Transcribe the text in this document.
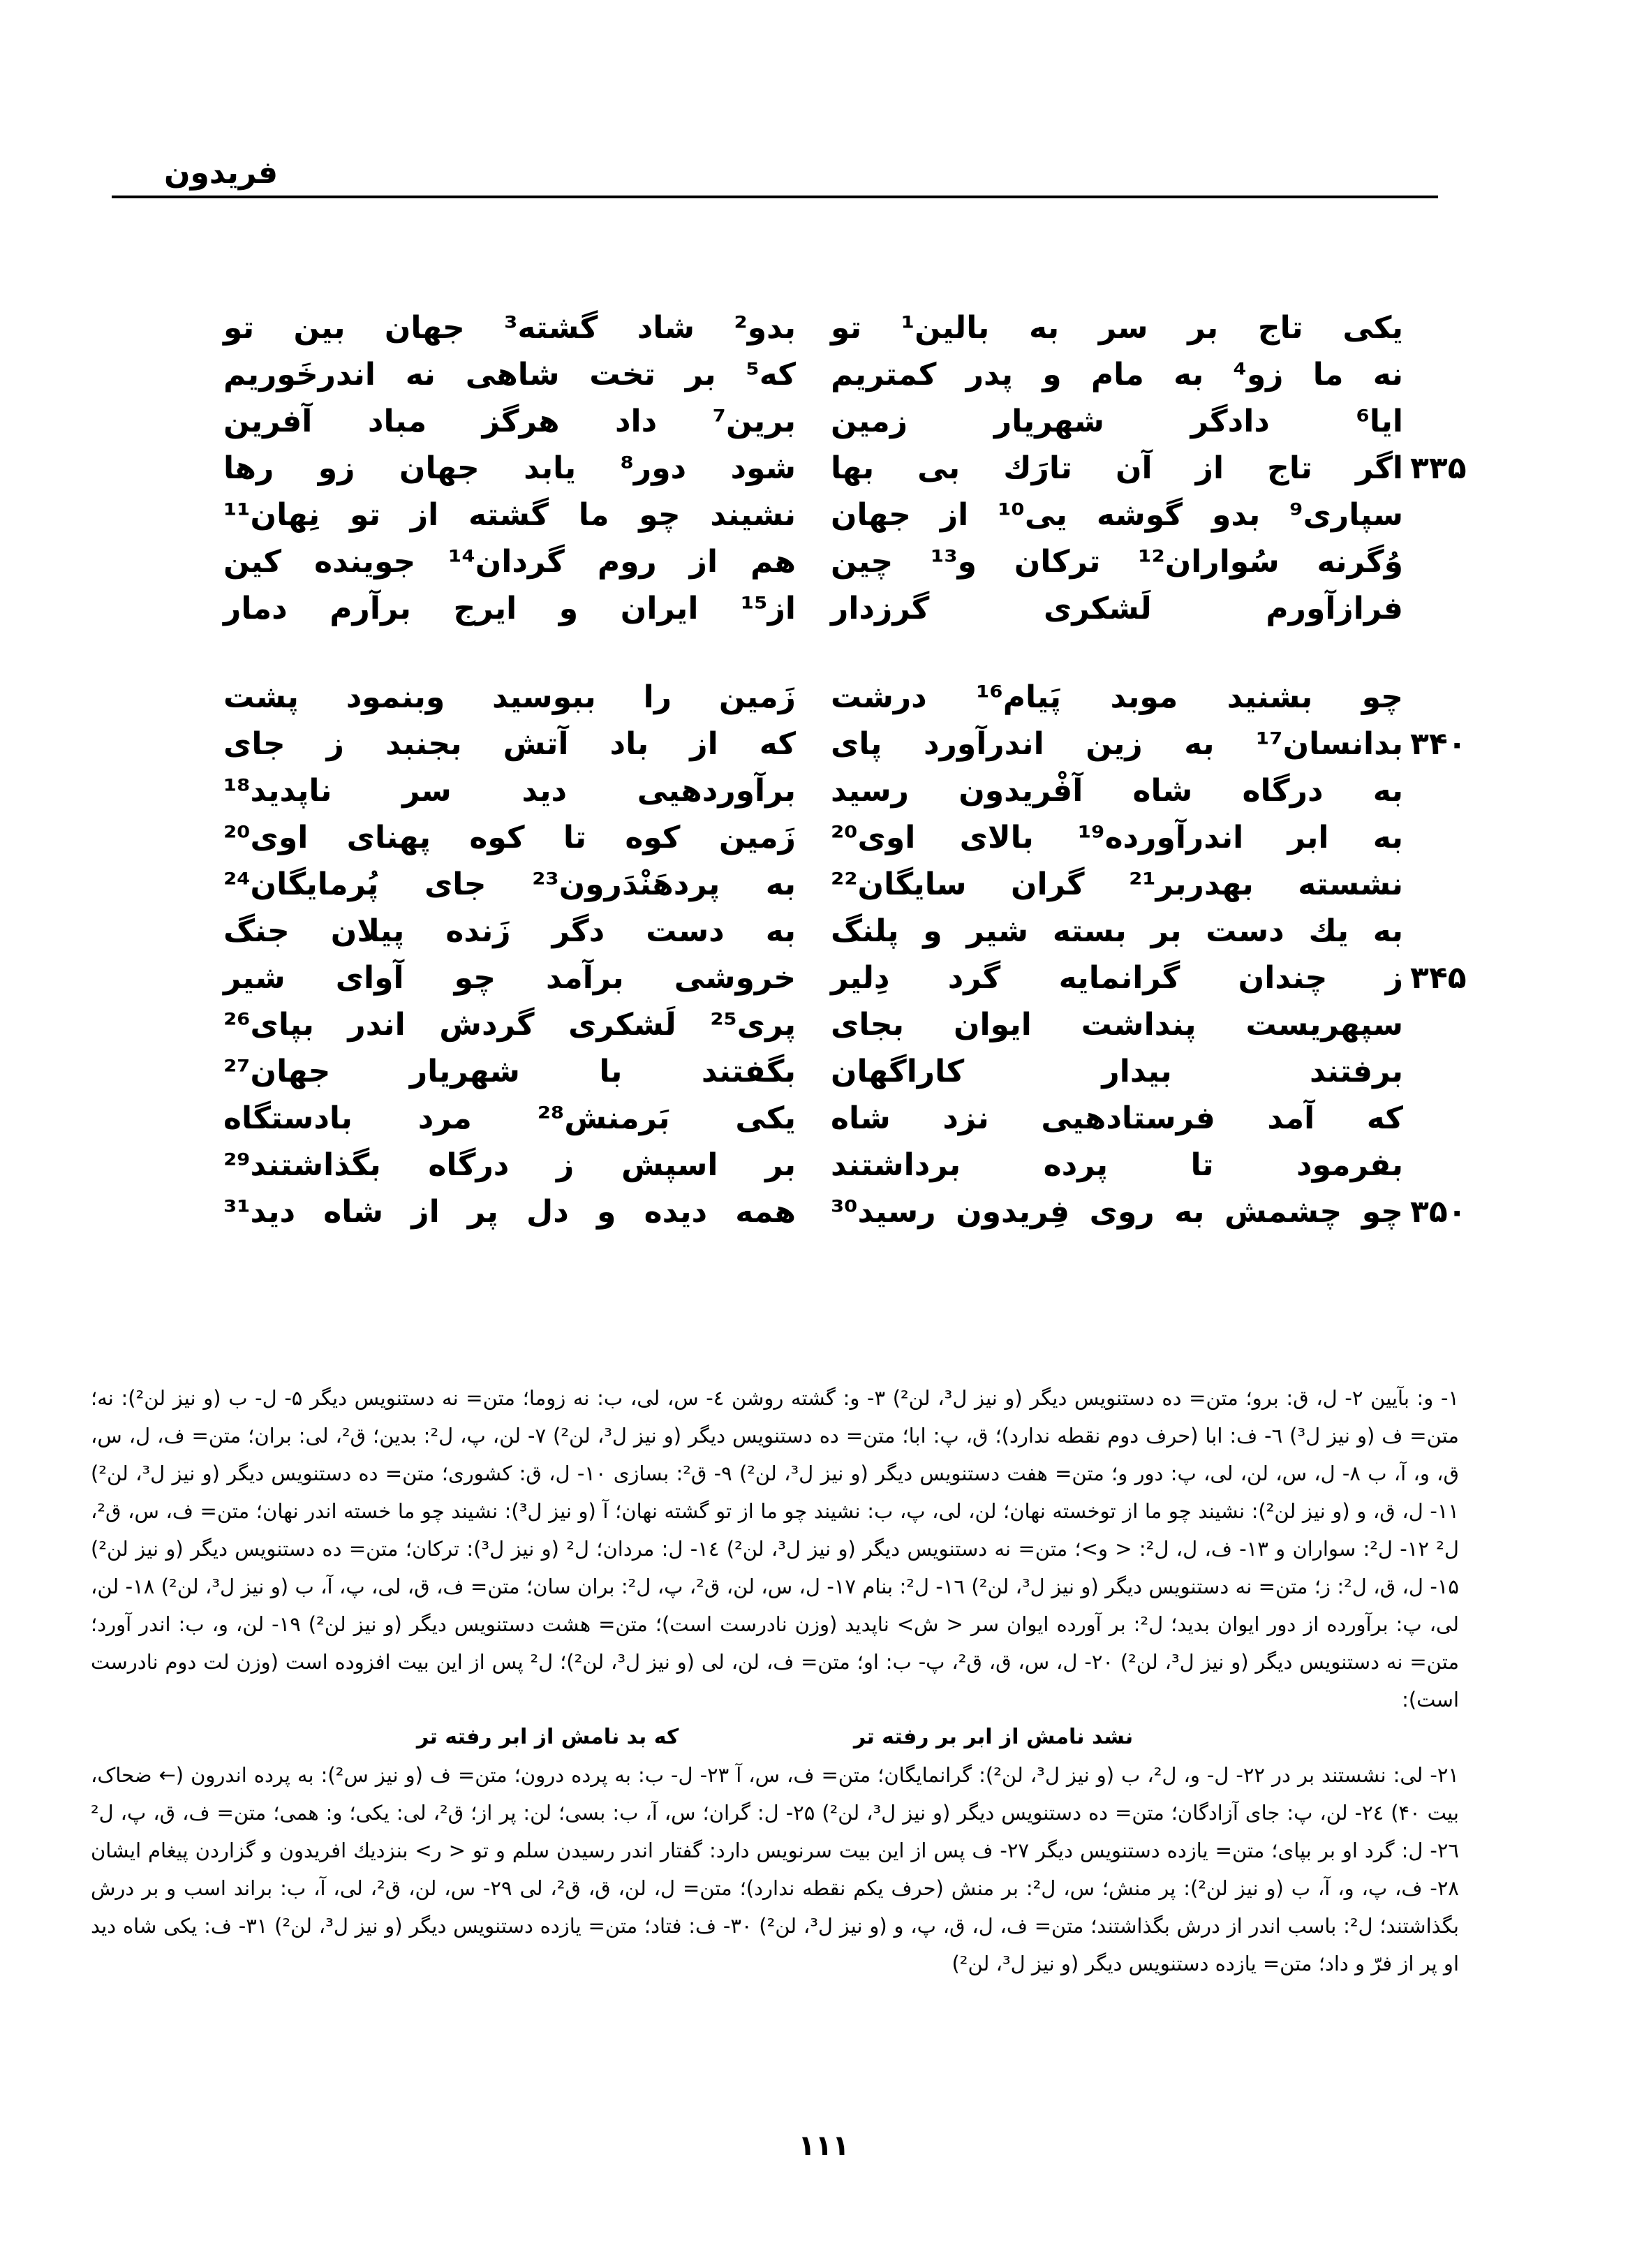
فریدون
یکی تاج بر سر به بالین¹ تو
بدو² شاد گشته³ جهان بین تو
نه ما زو⁴ به مام و پدر کمتریم
که⁵ بر تخت شاهی نه اندرخَوریم
ایا⁶ دادگر شهریار زمین
برین⁷ داد هرگز مباد آفرین
۳۳۵
اگر تاج از آن تارَك بی بها
شود دور⁸ یابد جهان زو رها
سپاری⁹ بدو گوشه یی¹⁰ از جهان
نشیند چو ما گشته از تو نِهان¹¹
وُگرنه سُواران¹² ترکان و¹³ چین
هم از روم گردان¹⁴ جوینده کین
فرازآورم لَشکری گرزدار
از¹⁵ ایران و ایرج برآرم دمار
چو بشنید موبد پَیام¹⁶ درشت
زَمین را ببوسید وبنمود پشت
۳۴۰
بدانسان¹⁷ به زین اندرآورد پای
که از باد آتش بجنبد ز جای
به درگاه شاه آفْریدون رسید
برآوردهیی دید سر ناپدید¹⁸
به ابر اندرآورده¹⁹ بالای اوی²⁰
زَمین کوه تا کوه پهنای اوی²⁰
نشسته بهدربر²¹ گران سایگان²²
به پردهَنْدَرون²³ جای پُرمایگان²⁴
به یك دست بر بسته شیر و پلنگ
به دست دگر زَنده پیلان جنگ
۳۴۵
ز چندان گرانمایه گرد دِلیر
خروشی برآمد چو آوای شیر
سپهریست پنداشت ایوان بجای
پری²⁵ لَشکری گردش اندر بپای²⁶
برفتند بیدار کاراگهان
بگفتند با شهریار جهان²⁷
که آمد فرستادهیی نزد شاه
یکی بَرمنش²⁸ مرد بادستگاه
بفرمود تا پرده برداشتند
بر اسپش ز درگاه بگذاشتند²⁹
۳۵۰
چو چشمش به روی فِریدون رسید³⁰
همه دیده و دل پر از شاه دید³¹

۱- و: بآیین ۲- ل، ق: برو؛ متن= ده دستنویس دیگر (و نیز ل³، لن²) ۳- و: گشته روشن ٤- س، لی، ب: نه زوما؛ متن= نه دستنویس دیگر ۵- ل- ب (و نیز لن²): نه؛ متن= ف (و نیز ل³) ٦- ف: ابا (حرف دوم نقطه ندارد)؛ ق، پ: ابا؛ متن= ده دستنویس دیگر (و نیز ل³، لن²) ۷- لن، پ، ل²: بدین؛ ق²، لی: بران؛ متن= ف، ل، س، ق، و، آ، ب ۸- ل، س، لن، لی، پ: دور و؛ متن= هفت دستنویس دیگر (و نیز ل³، لن²) ۹- ق²: بسازی ۱۰- ل، ق: کشوری؛ متن= ده دستنویس دیگر (و نیز ل³، لن²) ۱۱- ل، ق، و (و نیز لن²): نشیند چو ما از توخسته نهان؛ لن، لی، پ، ب: نشیند چو ما از تو گشته نهان؛ آ (و نیز ل³): نشیند چو ما خسته اندر نهان؛ متن= ف، س، ق²، ل² ۱۲- ل²: سواران و ۱۳- ف، ل، ل²: < و>؛ متن= نه دستنویس دیگر (و نیز ل³، لن²) ١٤- ل: مردان؛ ل² (و نیز ل³): ترکان؛ متن= ده دستنویس دیگر (و نیز لن²) ۱۵- ل، ق، ل²: ز؛ متن= نه دستنویس دیگر (و نیز ل³، لن²) ۱٦- ل²: بنام ۱۷- ل، س، لن، ق²، پ، ل²: بران سان؛ متن= ف، ق، لی، پ، آ، ب (و نیز ل³، لن²) ۱۸- لن، لی، پ: برآورده از دور ایوان بدید؛ ل²: بر آورده ایوان سر < ش> ناپدید (وزن نادرست است)؛ متن= هشت دستنویس دیگر (و نیز لن²) ۱۹- لن، و، ب: اندر آورد؛ متن= نه دستنویس دیگر (و نیز ل³، لن²) ۲۰- ل، س، ق، ق²، پ- ب: او؛ متن= ف، لن، لی (و نیز ل³، لن²)؛ ل² پس از این بیت افزوده است (وزن لت دوم نادرست است):

نشد نامش از ابر بر رفته تر که بد نامش از ابر رفته تر

۲۱- لی: نشستند بر در ۲۲- ل- و، ل²، ب (و نیز ل³، لن²): گرانمایگان؛ متن= ف، س، آ ۲۳- ل- ب: به پرده درون؛ متن= ف (و نیز س²): به پرده اندرون (← ضحاک، بیت ۴۰) ٢٤- لن، پ: جای آزادگان؛ متن= ده دستنویس دیگر (و نیز ل³، لن²) ۲۵- ل: گران؛ س، آ، ب: بسی؛ لن: پر از؛ ق²، لی: یکی؛ و: همی؛ متن= ف، ق، پ، ل² ٢٦- ل: گرد او بر بپای؛ متن= یازده دستنویس دیگر ۲۷- ف پس از این بیت سرنویس دارد: گفتار اندر رسیدن سلم و تو < ر> بنزدیك افریدون و گزاردن پیغام ایشان ۲۸- ف، پ، و، آ، ب (و نیز لن²): پر منش؛ س، ل²: بر منش (حرف یکم نقطه ندارد)؛ متن= ل، لن، ق، ق²، لی ۲۹- س، لن، ق²، لی، آ، ب: براند اسب و بر درش بگذاشتند؛ ل²: باسب اندر از درش بگذاشتند؛ متن= ف، ل، ق، پ، و (و نیز ل³، لن²) ۳۰- ف: فتاد؛ متن= یازده دستنویس دیگر (و نیز ل³، لن²) ۳۱- ف: یکی شاه دید او پر از فرّ و داد؛ متن= یازده دستنویس دیگر (و نیز ل³، لن²)

۱۱۱
